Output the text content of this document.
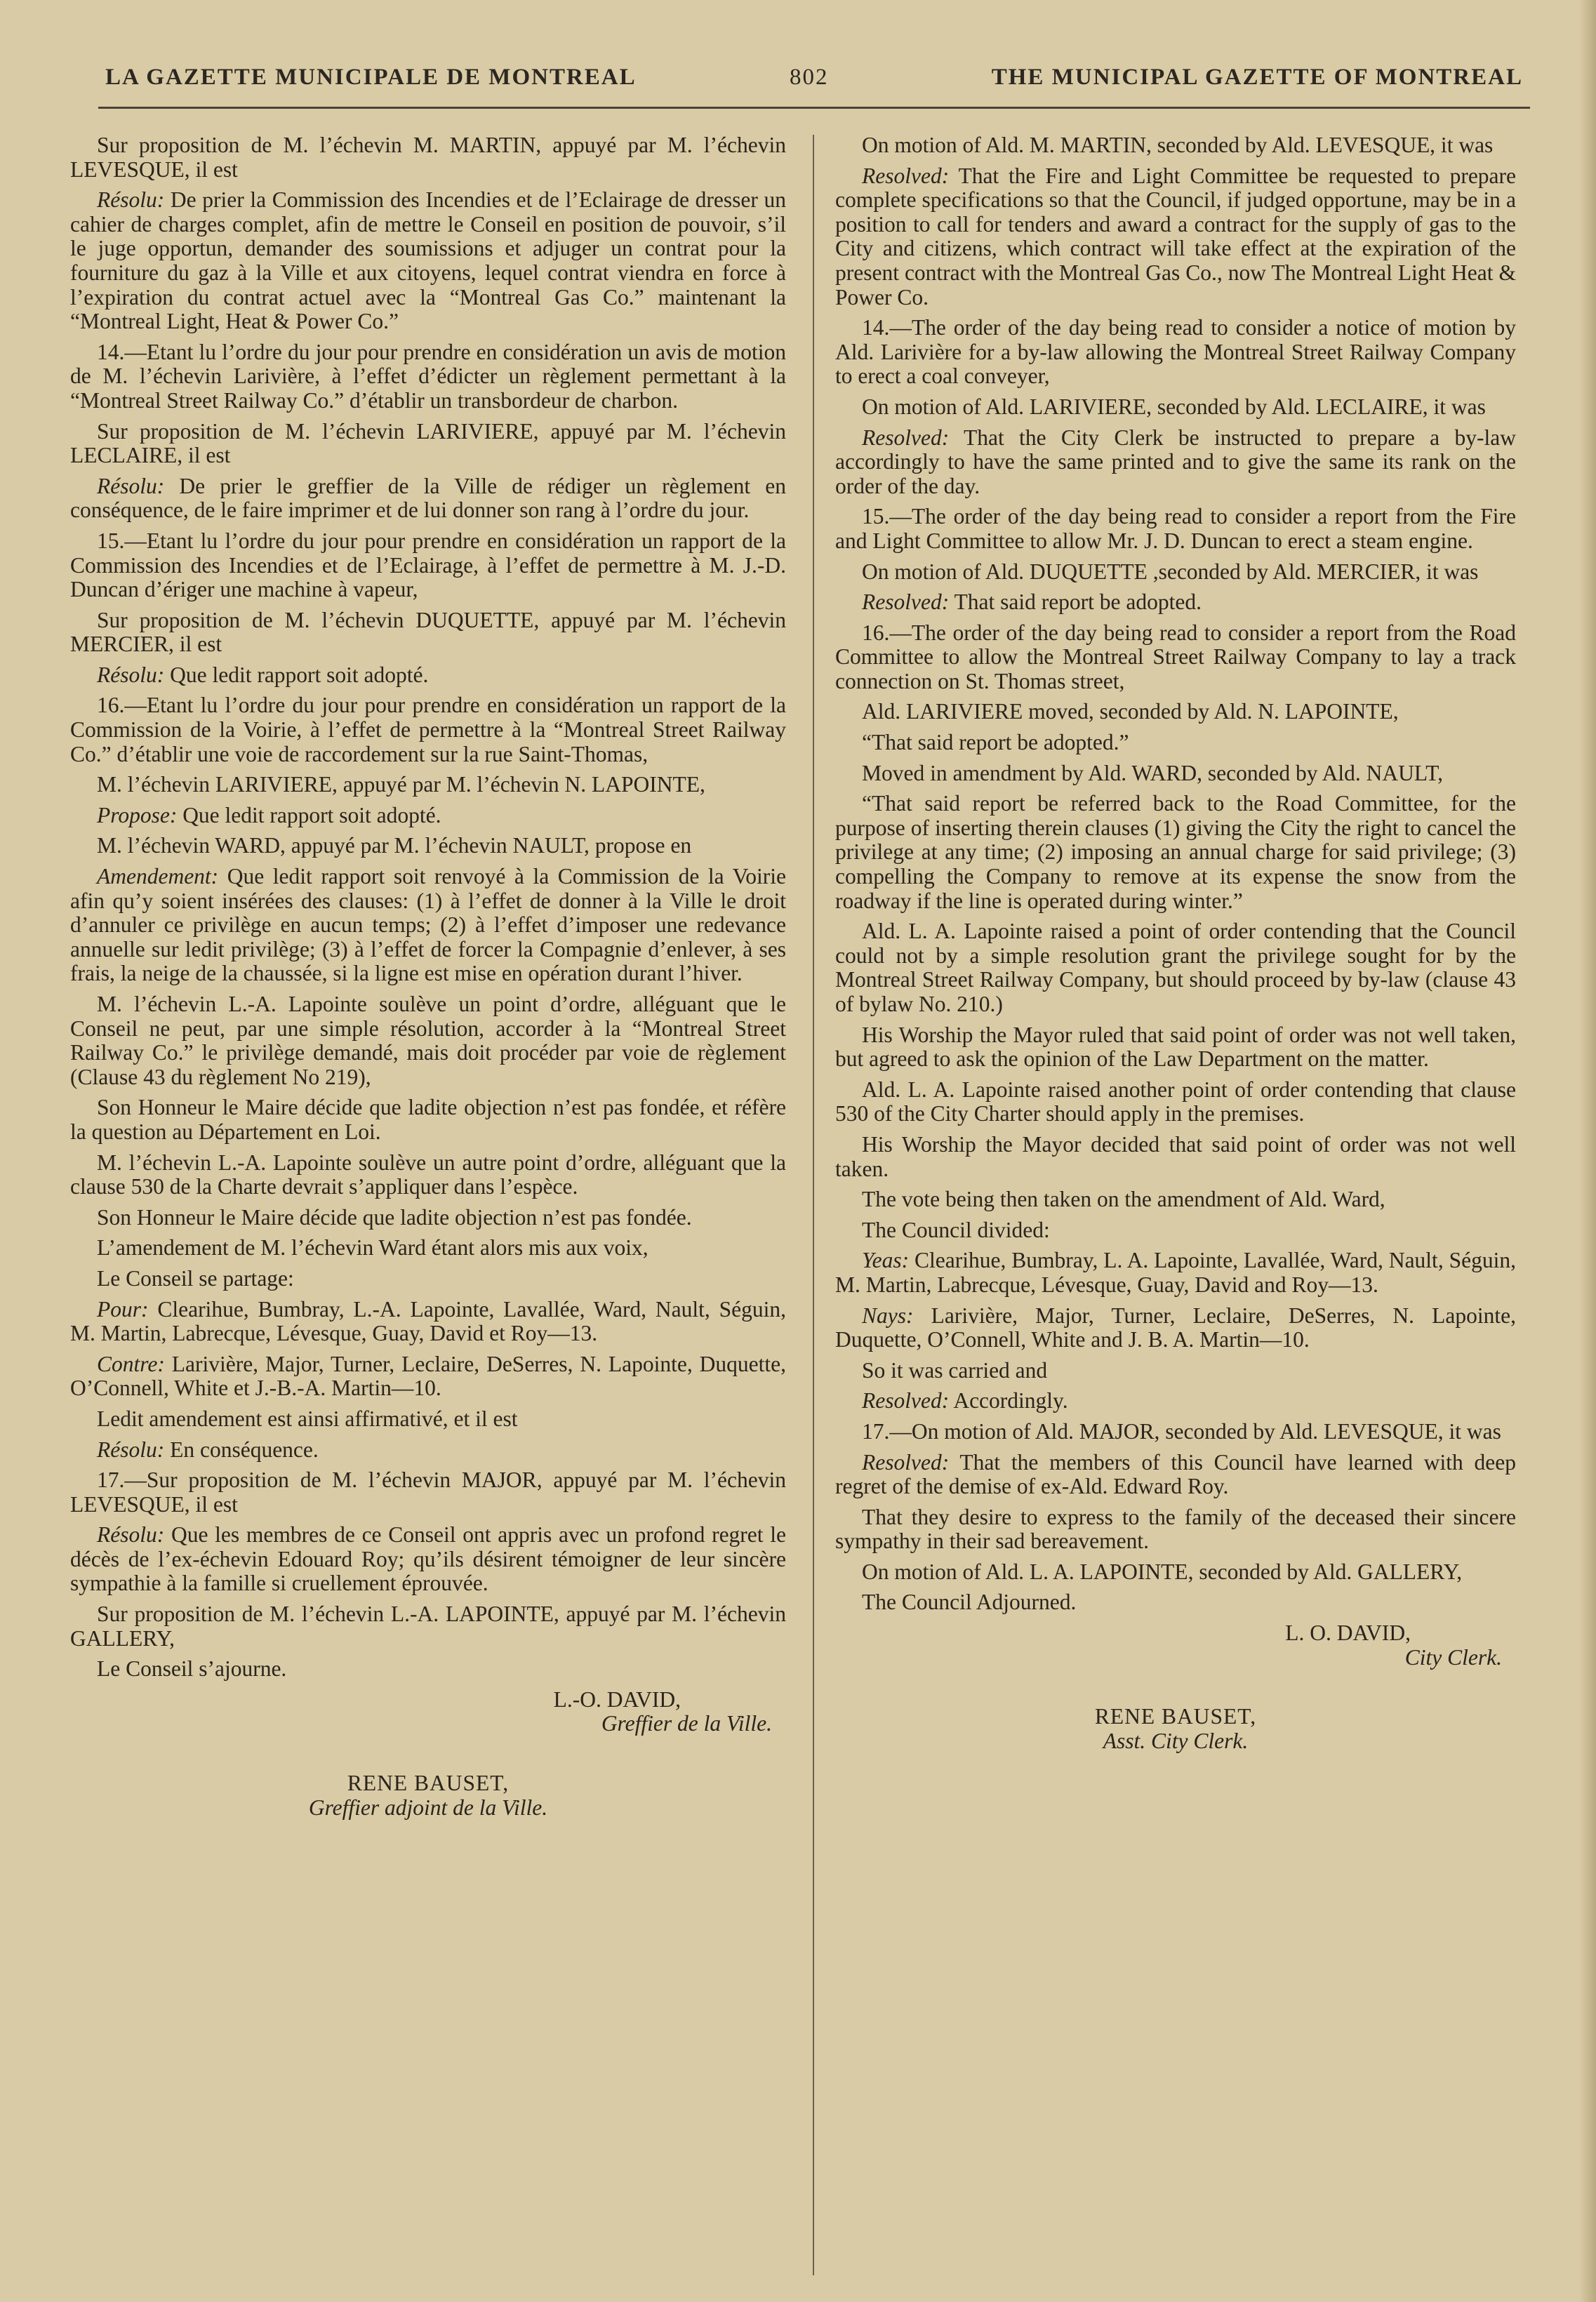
LA GAZETTE MUNICIPALE DE MONTREAL	802	THE MUNICIPAL GAZETTE OF MONTREAL

Sur proposition de M. l’échevin M. MARTIN, appuyé par M. l’échevin LEVESQUE, il est

Résolu: De prier la Commission des Incendies et de l’Eclairage de dresser un cahier de charges complet, afin de mettre le Conseil en position de pouvoir, s’il le juge opportun, demander des soumissions et adjuger un contrat pour la fourniture du gaz à la Ville et aux citoyens, lequel contrat viendra en force à l’expiration du contrat actuel avec la “Montreal Gas Co.” maintenant la “Montreal Light, Heat & Power Co.”

14.—Etant lu l’ordre du jour pour prendre en considération un avis de motion de M. l’échevin Larivière, à l’effet d’édicter un règlement permettant à la “Montreal Street Railway Co.” d’établir un transbordeur de charbon.

Sur proposition de M. l’échevin LARIVIERE, appuyé par M. l’échevin LECLAIRE, il est

Résolu: De prier le greffier de la Ville de rédiger un règlement en conséquence, de le faire imprimer et de lui donner son rang à l’ordre du jour.

15.—Etant lu l’ordre du jour pour prendre en considération un rapport de la Commission des Incendies et de l’Eclairage, à l’effet de permettre à M. J.-D. Duncan d’ériger une machine à vapeur,

Sur proposition de M. l’échevin DUQUETTE, appuyé par M. l’échevin MERCIER, il est

Résolu: Que ledit rapport soit adopté.

16.—Etant lu l’ordre du jour pour prendre en considération un rapport de la Commission de la Voirie, à l’effet de permettre à la “Montreal Street Railway Co.” d’établir une voie de raccordement sur la rue Saint-Thomas,

M. l’échevin LARIVIERE, appuyé par M. l’échevin N. LAPOINTE,

Propose: Que ledit rapport soit adopté.

M. l’échevin WARD, appuyé par M. l’échevin NAULT, propose en

Amendement: Que ledit rapport soit renvoyé à la Commission de la Voirie afin qu’y soient insérées des clauses: (1) à l’effet de donner à la Ville le droit d’annuler ce privilège en aucun temps; (2) à l’effet d’imposer une redevance annuelle sur ledit privilège; (3) à l’effet de forcer la Compagnie d’enlever, à ses frais, la neige de la chaussée, si la ligne est mise en opération durant l’hiver.

M. l’échevin L.-A. Lapointe soulève un point d’ordre, alléguant que le Conseil ne peut, par une simple résolution, accorder à la “Montreal Street Railway Co.” le privilège demandé, mais doit procéder par voie de règlement (Clause 43 du règlement No 219),

Son Honneur le Maire décide que ladite objection n’est pas fondée, et réfère la question au Département en Loi.

M. l’échevin L.-A. Lapointe soulève un autre point d’ordre, alléguant que la clause 530 de la Charte devrait s’appliquer dans l’espèce.

Son Honneur le Maire décide que ladite objection n’est pas fondée.

L’amendement de M. l’échevin Ward étant alors mis aux voix,

Le Conseil se partage:

Pour: Clearihue, Bumbray, L.-A. Lapointe, Lavallée, Ward, Nault, Séguin, M. Martin, Labrecque, Lévesque, Guay, David et Roy—13.

Contre: Larivière, Major, Turner, Leclaire, DeSerres, N. Lapointe, Duquette, O’Connell, White et J.-B.-A. Martin—10.

Ledit amendement est ainsi affirmativé, et il est

Résolu: En conséquence.

17.—Sur proposition de M. l’échevin MAJOR, appuyé par M. l’échevin LEVESQUE, il est

Résolu: Que les membres de ce Conseil ont appris avec un profond regret le décès de l’ex-échevin Edouard Roy; qu’ils désirent témoigner de leur sincère sympathie à la famille si cruellement éprouvée.

Sur proposition de M. l’échevin L.-A. LAPOINTE, appuyé par M. l’échevin GALLERY,

Le Conseil s’ajourne.

L.-O. DAVID,
Greffier de la Ville.
RENE BAUSET,
Greffier adjoint de la Ville.

On motion of Ald. M. MARTIN, seconded by Ald. LEVESQUE, it was

Resolved: That the Fire and Light Committee be requested to prepare complete specifications so that the Council, if judged opportune, may be in a position to call for tenders and award a contract for the supply of gas to the City and citizens, which contract will take effect at the expiration of the present contract with the Montreal Gas Co., now The Montreal Light Heat & Power Co.

14.—The order of the day being read to consider a notice of motion by Ald. Larivière for a by-law allowing the Montreal Street Railway Company to erect a coal conveyer,

On motion of Ald. LARIVIERE, seconded by Ald. LECLAIRE, it was

Resolved: That the City Clerk be instructed to prepare a by-law accordingly to have the same printed and to give the same its rank on the order of the day.

15.—The order of the day being read to consider a report from the Fire and Light Committee to allow Mr. J. D. Duncan to erect a steam engine.

On motion of Ald. DUQUETTE ,seconded by Ald. MERCIER, it was

Resolved: That said report be adopted.

16.—The order of the day being read to consider a report from the Road Committee to allow the Montreal Street Railway Company to lay a track connection on St. Thomas street,

Ald. LARIVIERE moved, seconded by Ald. N. LAPOINTE,

“That said report be adopted.”

Moved in amendment by Ald. WARD, seconded by Ald. NAULT,

“That said report be referred back to the Road Committee, for the purpose of inserting therein clauses (1) giving the City the right to cancel the privilege at any time; (2) imposing an annual charge for said privilege; (3) compelling the Company to remove at its expense the snow from the roadway if the line is operated during winter.”

Ald. L. A. Lapointe raised a point of order contending that the Council could not by a simple resolution grant the privilege sought for by the Montreal Street Railway Company, but should proceed by by-law (clause 43 of bylaw No. 210.)

His Worship the Mayor ruled that said point of order was not well taken, but agreed to ask the opinion of the Law Department on the matter.

Ald. L. A. Lapointe raised another point of order contending that clause 530 of the City Charter should apply in the premises.

His Worship the Mayor decided that said point of order was not well taken.

The vote being then taken on the amendment of Ald. Ward,

The Council divided:

Yeas: Clearihue, Bumbray, L. A. Lapointe, Lavallée, Ward, Nault, Séguin, M. Martin, Labrecque, Lévesque, Guay, David and Roy—13.

Nays: Larivière, Major, Turner, Leclaire, DeSerres, N. Lapointe, Duquette, O’Connell, White and J. B. A. Martin—10.

So it was carried and

Resolved: Accordingly.

17.—On motion of Ald. MAJOR, seconded by Ald. LEVESQUE, it was

Resolved: That the members of this Council have learned with deep regret of the demise of ex-Ald. Edward Roy.

That they desire to express to the family of the deceased their sincere sympathy in their sad bereavement.

On motion of Ald. L. A. LAPOINTE, seconded by Ald. GALLERY,

The Council Adjourned.

L. O. DAVID,
City Clerk.
RENE BAUSET,
Asst. City Clerk.
